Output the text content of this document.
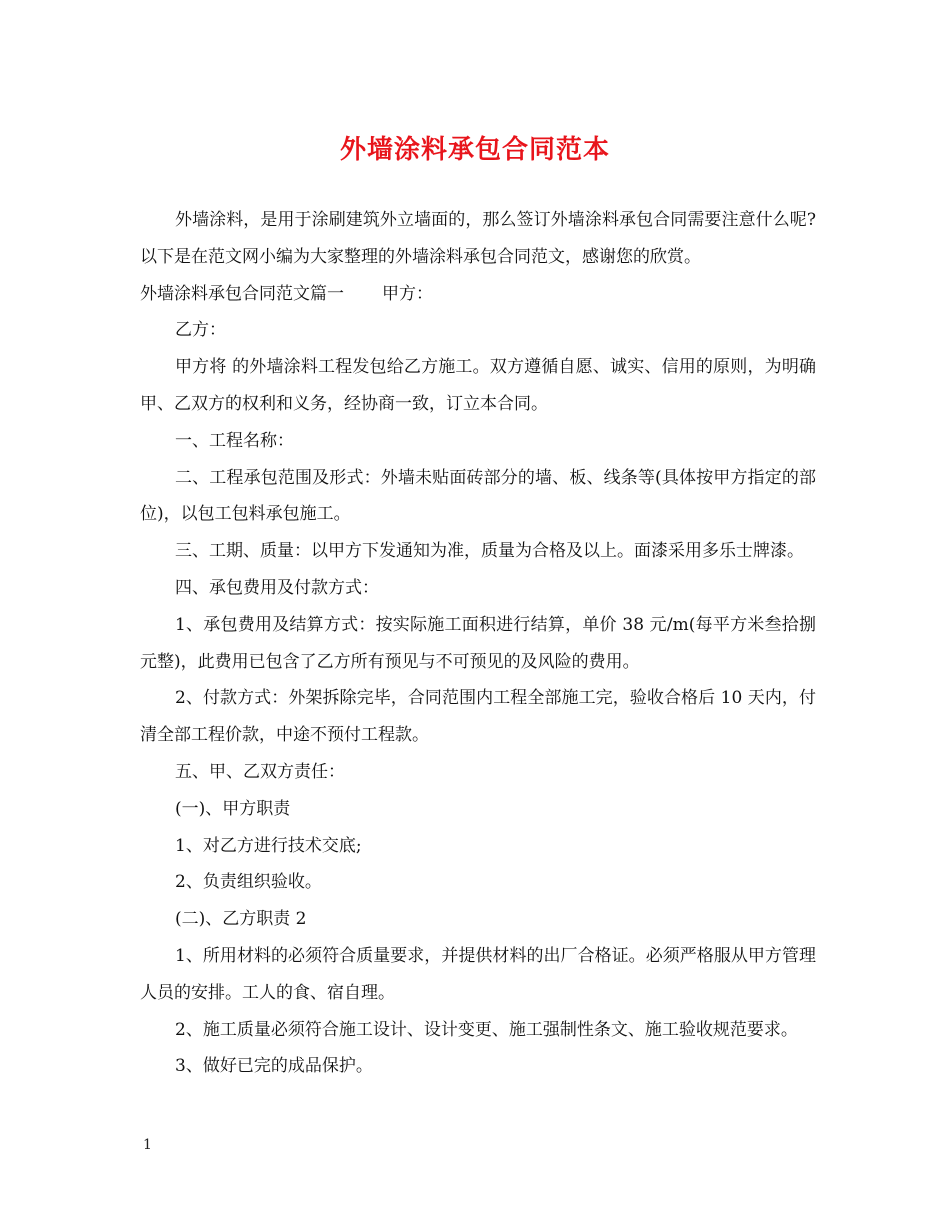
外墙涂料承包合同范本

外墙涂料，是用于涂刷建筑外立墙面的，那么签订外墙涂料承包合同需要注意什么呢?以下是在范文网小编为大家整理的外墙涂料承包合同范文，感谢您的欣赏。
外墙涂料承包合同范文篇一 甲方：

乙方：

甲方将 的外墙涂料工程发包给乙方施工。双方遵循自愿、诚实、信用的原则，为明确甲、乙双方的权利和义务，经协商一致，订立本合同。

一、工程名称：

二、工程承包范围及形式：外墙未贴面砖部分的墙、板、线条等(具体按甲方指定的部位)，以包工包料承包施工。

三、工期、质量：以甲方下发通知为准，质量为合格及以上。面漆采用多乐士牌漆。

四、承包费用及付款方式：

1、承包费用及结算方式：按实际施工面积进行结算，单价 38 元/m(每平方米叁拾捌元整)，此费用已包含了乙方所有预见与不可预见的及风险的费用。

2、付款方式：外架拆除完毕，合同范围内工程全部施工完，验收合格后 10 天内，付清全部工程价款，中途不预付工程款。

五、甲、乙双方责任：

(一)、甲方职责

1、对乙方进行技术交底;

2、负责组织验收。

(二)、乙方职责 2

1、所用材料的必须符合质量要求，并提供材料的出厂合格证。必须严格服从甲方管理人员的安排。工人的食、宿自理。

2、施工质量必须符合施工设计、设计变更、施工强制性条文、施工验收规范要求。

3、做好已完的成品保护。

1
